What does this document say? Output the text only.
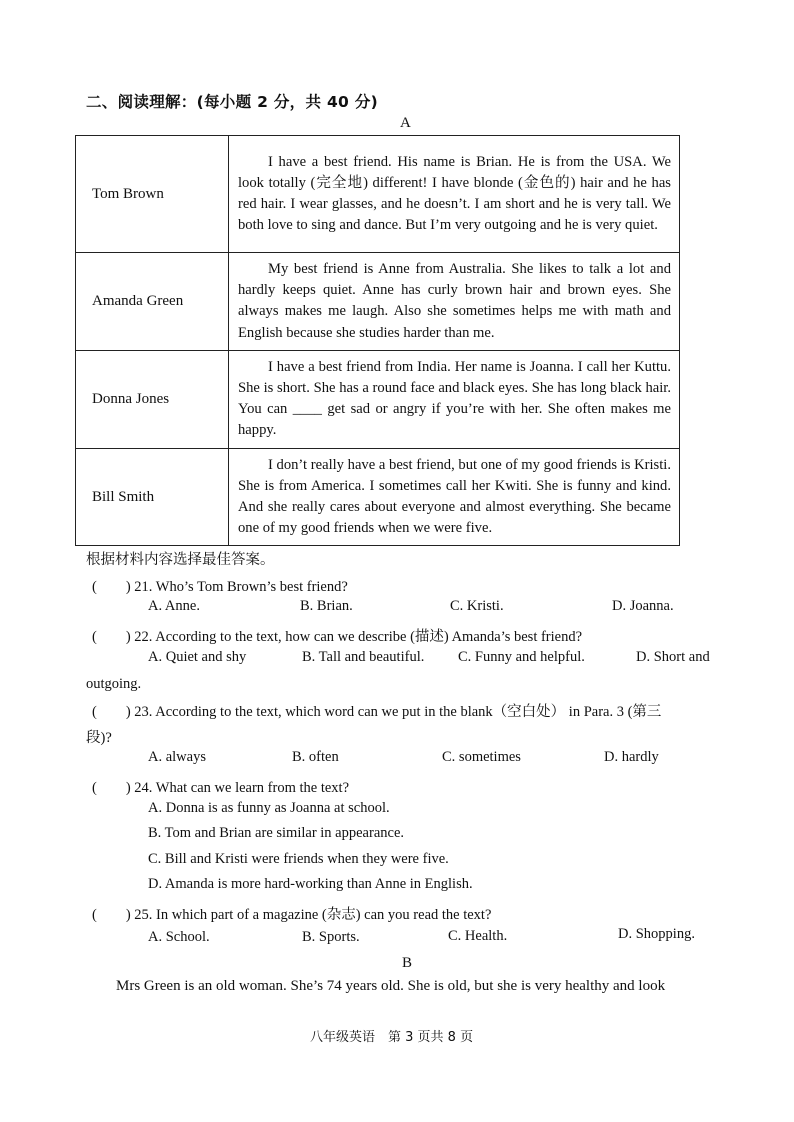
二、阅读理解：(每小题 2 分，共 40 分)
A
Tom Brown	I have a best friend. His name is Brian. He is from the USA. We look totally (完全地) different! I have blonde (金色的) hair and he has red hair. I wear glasses, and he doesn’t. I am short and he is very tall. We both love to sing and dance. But I’m very outgoing and he is very quiet.
Amanda Green	My best friend is Anne from Australia. She likes to talk a lot and hardly keeps quiet. Anne has curly brown hair and brown eyes. She always makes me laugh. Also she sometimes helps me with math and English because she studies harder than me.
Donna Jones	I have a best friend from India. Her name is Joanna. I call her Kuttu. She is short. She has a round face and black eyes. She has long black hair. You can ____ get sad or angry if you’re with her. She often makes me happy.
Bill Smith	I don’t really have a best friend, but one of my good friends is Kristi. She is from America. I sometimes call her Kwiti. She is funny and kind. And she really cares about everyone and almost everything. She became one of my good friends when we were five.
根据材料内容选择最佳答案。
(　　) 21. Who’s Tom Brown’s best friend?
A. Anne.	B. Brian.	C. Kristi.	D. Joanna.
(　　) 22. According to the text, how can we describe (描述) Amanda’s best friend?
A. Quiet and shy	B. Tall and beautiful. C. Funny and helpful.	D. Short and
outgoing.
(　　) 23. According to the text, which word can we put in the blank（空白处） in Para. 3 (第三
段)?
A. always	B. often	C. sometimes	D. hardly
(　　) 24. What can we learn from the text?
A. Donna is as funny as Joanna at school.
B. Tom and Brian are similar in appearance.
C. Bill and Kristi were friends when they were five.
D. Amanda is more hard-working than Anne in English.
(　　) 25. In which part of a magazine (杂志) can you read the text?
A. School.	B. Sports.	C. Health.	D. Shopping.
B
Mrs Green is an old woman. She’s 74 years old. She is old, but she is very healthy and look
八年级英语　第 3 页共 8 页
